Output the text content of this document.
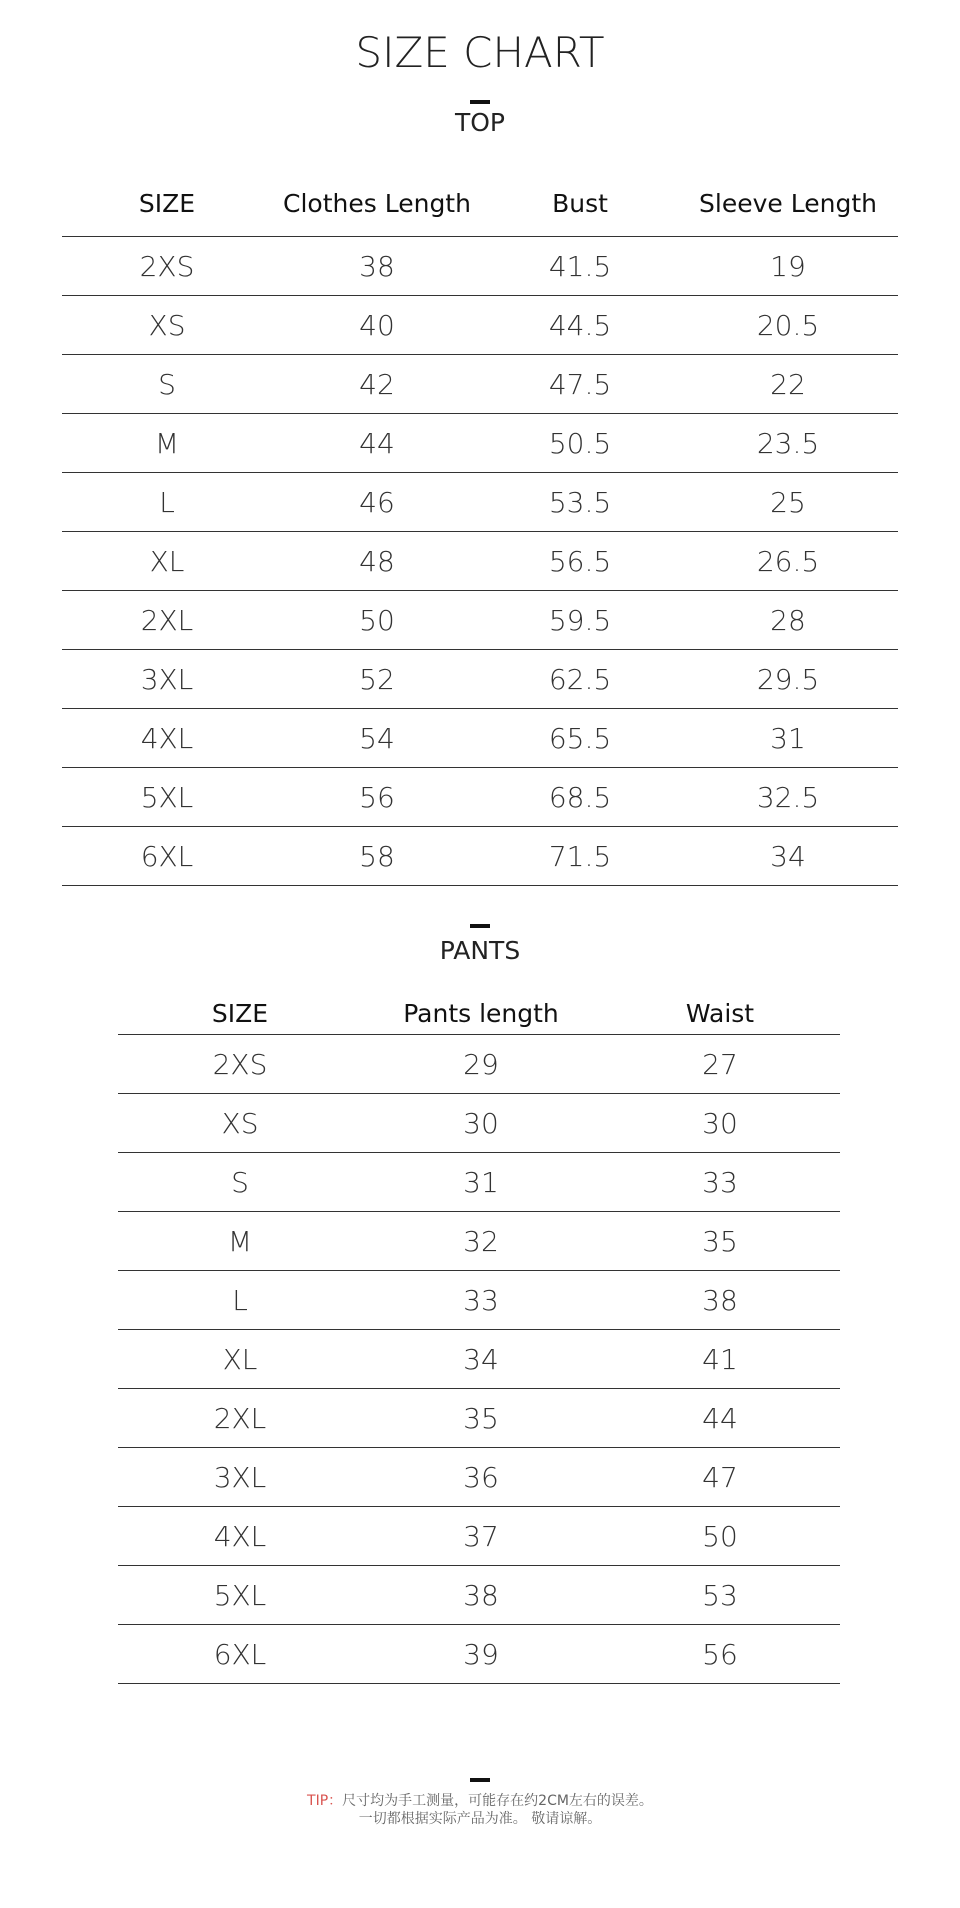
SIZE CHART
TOP
SIZE	Clothes Length	Bust	Sleeve Length
2XS	38	41.5	19
XS	40	44.5	20.5
S	42	47.5	22
M	44	50.5	23.5
L	46	53.5	25
XL	48	56.5	26.5
2XL	50	59.5	28
3XL	52	62.5	29.5
4XL	54	65.5	31
5XL	56	68.5	32.5
6XL	58	71.5	34
PANTS
SIZE	Pants length	Waist
2XS	29	27
XS	30	30
S	31	33
M	32	35
L	33	38
XL	34	41
2XL	35	44
3XL	36	47
4XL	37	50
5XL	38	53
6XL	39	56
TIP：尺寸均为手工测量，可能存在约2CM左右的误差。
一切都根据实际产品为准。 敬请谅解。
